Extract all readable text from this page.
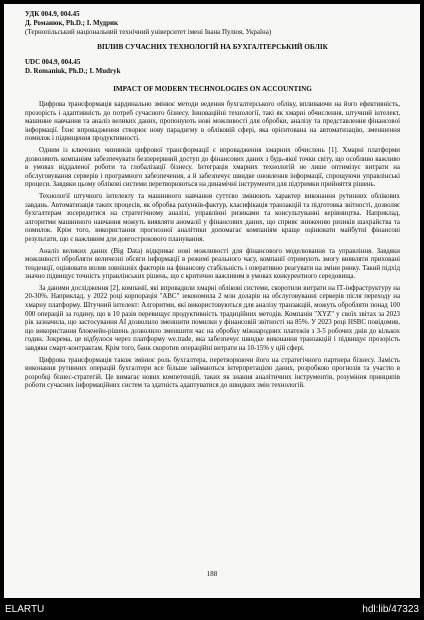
УДК 004.9, 004.45

Д. Романюк, Ph.D.; І. Мудрик

(Тернопільський національний технічний університет імені Івана Пулюя, Україна)

ВПЛИВ СУЧАСНИХ ТЕХНОЛОГІЙ НА БУХГАЛТЕРСЬКИЙ ОБЛІК

UDC 004.9, 004.45

D. Romaniuk, Ph.D.; I. Mudryk

IMPACT OF MODERN TECHNOLOGIES ON ACCOUNTING

Цифрова трансформація кардинально змінює методи ведення бухгалтерського обліку, впливаючи на його ефективність, прозорість і адаптивність до потреб сучасного бізнесу. Інноваційні технології, такі як хмарні обчислення, штучний інтелект, машинне навчання та аналіз великих даних, пропонують нові можливості для обробки, аналізу та представлення фінансової інформації. Їхнє впровадження створює нову парадигму в обліковій сфері, яка орієнтована на автоматизацію, зменшення помилок і підвищення продуктивності.

Одним із ключових чинників цифрової трансформації є впровадження хмарних обчислень [1]. Хмарні платформи дозволяють компаніям забезпечувати безперервний доступ до фінансових даних з будь-якої точки світу, що особливо важливо в умовах віддаленої роботи та глобалізації бізнесу. Інтеграція хмарних технологій не лише оптимізує витрати на обслуговування серверів і програмного забезпечення, а й забезпечує швидке оновлення інформації, спрощуючи управлінські процеси. Завдяки цьому облікові системи перетворюються на динамічні інструменти для підтримки прийняття рішень.

Технології штучного інтелекту та машинного навчання суттєво змінюють характер виконання рутинних облікових завдань. Автоматизація таких процесів, як обробка рахунків-фактур, класифікація транзакцій та підготовка звітності, дозволяє бухгалтерам зосередитися на стратегічному аналізі, управлінні ризиками та консультуванні керівництва. Наприклад, алгоритми машинного навчання можуть виявляти аномалії у фінансових даних, що сприяє зниженню ризиків шахрайства та помилок. Крім того, використання прогнозної аналітики допомагає компаніям краще оцінювати майбутні фінансові результати, що є важливим для довгострокового планування.

Аналіз великих даних (Big Data) відкриває нові можливості для фінансового моделювання та управління. Завдяки можливості обробляти величезні обсяги інформації в режимі реального часу, компанії отримують змогу виявляти приховані тенденції, оцінювати вплив зовнішніх факторів на фінансову стабільність і оперативно реагувати на зміни ринку. Такий підхід значно підвищує точність управлінських рішень, що є критично важливим в умовах конкурентного середовища.

За даними дослідження [2], компанії, які впровадили хмарні облікові системи, скоротили витрати на ІТ-інфраструктуру на 20-30%. Наприклад, у 2022 році корпорація "ABC" зекономила 2 млн доларів на обслуговуванні серверів після переходу на хмарну платформу. Штучний інтелект: Алгоритми, які використовуються для аналізу транзакцій, можуть обробляти понад 100 000 операцій за годину, що в 10 разів перевищує продуктивність традиційних методів. Компанія "XYZ" у своїх звітах за 2023 рік зазначила, що застосування AI дозволило зменшити помилки у фінансовій звітності на 85%. У 2023 році HSBC повідомив, що використання блокчейн-рішень дозволило зменшити час на обробку міжнародних платежів з 3-5 робочих днів до кількох годин. Зокрема, це відбулося через платформу we.trade, яка забезпечує швидке виконання транзакцій і підвищує прозорість завдяки смарт-контрактам. Крім того, банк скоротив операційні витрати на 10-15% у цій сфері.

Цифрова трансформація також змінює роль бухгалтера, перетворюючи його на стратегічного партнера бізнесу. Замість виконання рутинних операцій бухгалтери все більше займаються інтерпретацією даних, розробкою прогнозів та участю в розробці бізнес-стратегій. Це вимагає нових компетенцій, таких як знання аналітичних інструментів, розуміння принципів роботи сучасних інформаційних систем та здатність адаптуватися до швидких змін технологій.

188
ELARTU	hdl:lib/47323
